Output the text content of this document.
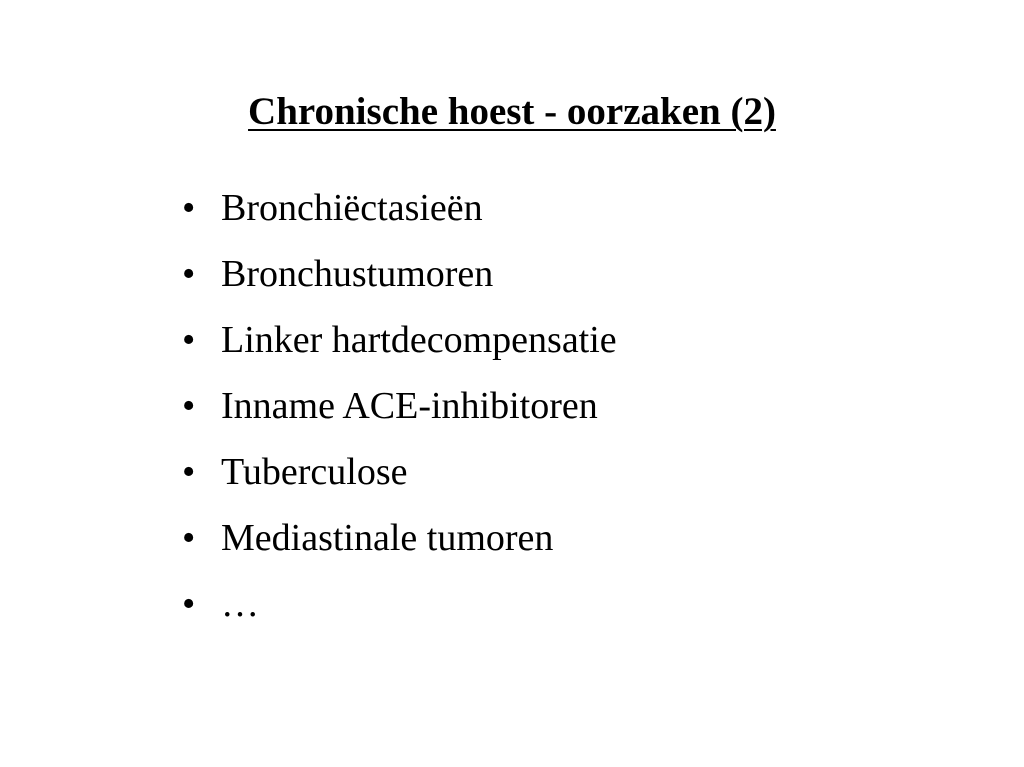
Chronische hoest - oorzaken (2)
• Bronchiëctasieën
• Bronchustumoren
• Linker hartdecompensatie
• Inname ACE-inhibitoren
• Tuberculose
• Mediastinale tumoren
• …
